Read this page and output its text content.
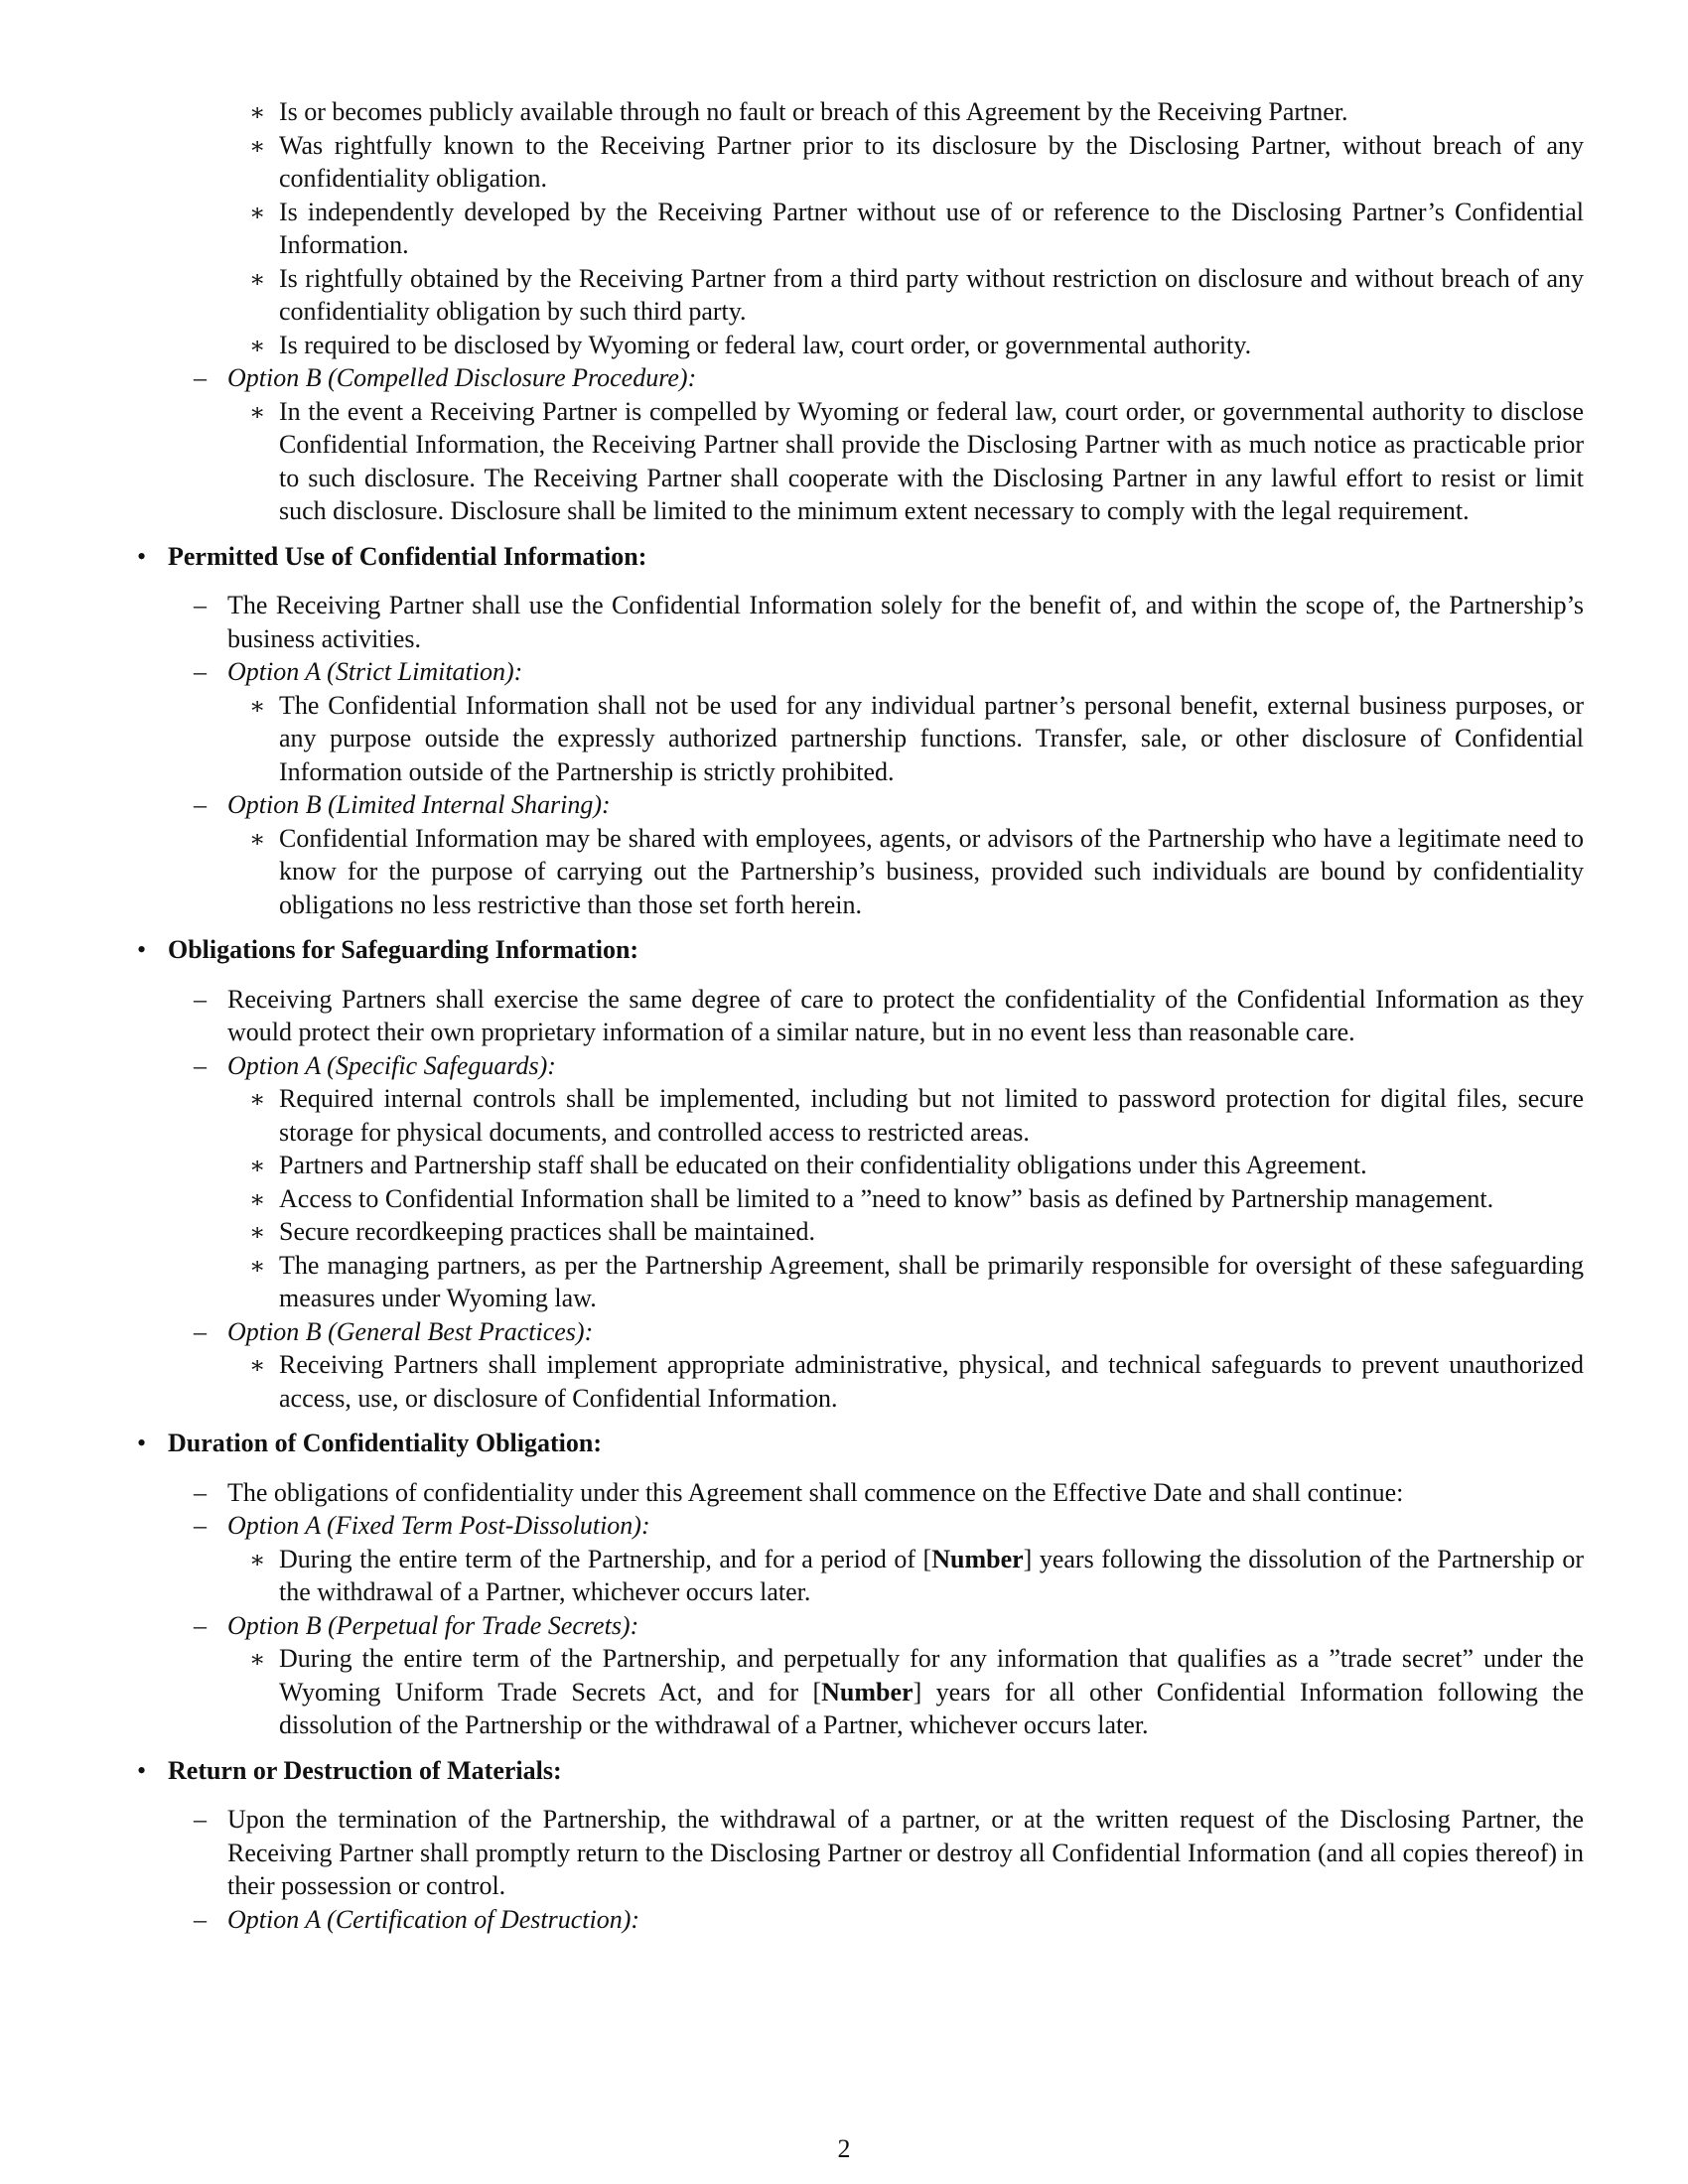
∗ Is or becomes publicly available through no fault or breach of this Agreement by the Receiving Partner.
∗ Was rightfully known to the Receiving Partner prior to its disclosure by the Disclosing Partner, without breach of any confidentiality obligation.
∗ Is independently developed by the Receiving Partner without use of or reference to the Disclosing Partner’s Confidential Information.
∗ Is rightfully obtained by the Receiving Partner from a third party without restriction on disclosure and without breach of any confidentiality obligation by such third party.
∗ Is required to be disclosed by Wyoming or federal law, court order, or governmental authority.
– Option B (Compelled Disclosure Procedure):
∗ In the event a Receiving Partner is compelled by Wyoming or federal law, court order, or governmental authority to disclose Confidential Information, the Receiving Partner shall provide the Disclosing Partner with as much notice as practicable prior to such disclosure. The Receiving Partner shall cooperate with the Disclosing Partner in any lawful effort to resist or limit such disclosure. Disclosure shall be limited to the minimum extent necessary to comply with the legal requirement.
• Permitted Use of Confidential Information:
– The Receiving Partner shall use the Confidential Information solely for the benefit of, and within the scope of, the Partnership’s business activities.
– Option A (Strict Limitation):
∗ The Confidential Information shall not be used for any individual partner’s personal benefit, external business purposes, or any purpose outside the expressly authorized partnership functions. Transfer, sale, or other disclosure of Confidential Information outside of the Partnership is strictly prohibited.
– Option B (Limited Internal Sharing):
∗ Confidential Information may be shared with employees, agents, or advisors of the Partnership who have a legitimate need to know for the purpose of carrying out the Partnership’s business, provided such individuals are bound by confidentiality obligations no less restrictive than those set forth herein.
• Obligations for Safeguarding Information:
– Receiving Partners shall exercise the same degree of care to protect the confidentiality of the Confidential Information as they would protect their own proprietary information of a similar nature, but in no event less than reasonable care.
– Option A (Specific Safeguards):
∗ Required internal controls shall be implemented, including but not limited to password protection for digital files, secure storage for physical documents, and controlled access to restricted areas.
∗ Partners and Partnership staff shall be educated on their confidentiality obligations under this Agreement.
∗ Access to Confidential Information shall be limited to a ”need to know” basis as defined by Partnership management.
∗ Secure recordkeeping practices shall be maintained.
∗ The managing partners, as per the Partnership Agreement, shall be primarily responsible for oversight of these safeguarding measures under Wyoming law.
– Option B (General Best Practices):
∗ Receiving Partners shall implement appropriate administrative, physical, and technical safeguards to prevent unauthorized access, use, or disclosure of Confidential Information.
• Duration of Confidentiality Obligation:
– The obligations of confidentiality under this Agreement shall commence on the Effective Date and shall continue:
– Option A (Fixed Term Post-Dissolution):
∗ During the entire term of the Partnership, and for a period of [Number] years following the dissolution of the Partnership or the withdrawal of a Partner, whichever occurs later.
– Option B (Perpetual for Trade Secrets):
∗ During the entire term of the Partnership, and perpetually for any information that qualifies as a ”trade secret” under the Wyoming Uniform Trade Secrets Act, and for [Number] years for all other Confidential Information following the dissolution of the Partnership or the withdrawal of a Partner, whichever occurs later.
• Return or Destruction of Materials:
– Upon the termination of the Partnership, the withdrawal of a partner, or at the written request of the Disclosing Partner, the Receiving Partner shall promptly return to the Disclosing Partner or destroy all Confidential Information (and all copies thereof) in their possession or control.
– Option A (Certification of Destruction):
2
